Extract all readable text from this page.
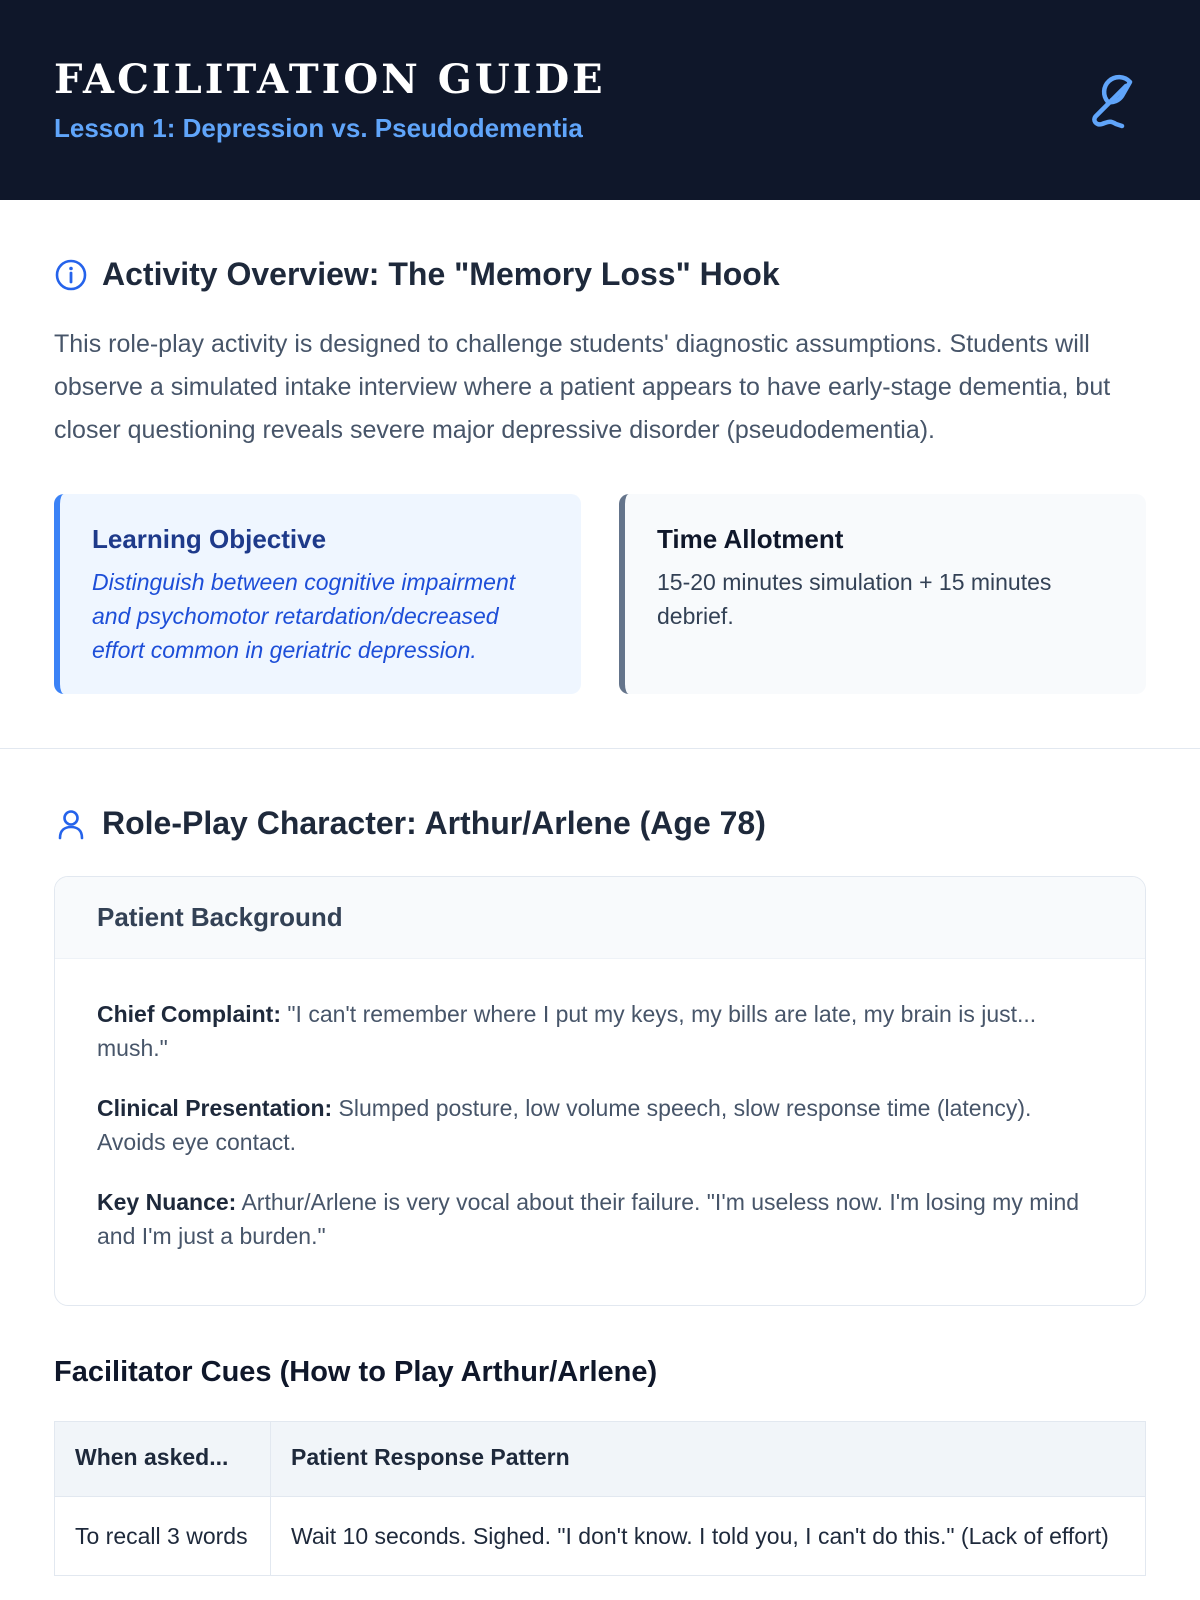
FACILITATION GUIDE
Lesson 1: Depression vs. Pseudodementia
Activity Overview: The "Memory Loss" Hook

This role-play activity is designed to challenge students' diagnostic assumptions. Students will observe a simulated intake interview where a patient appears to have early-stage dementia, but closer questioning reveals severe major depressive disorder (pseudodementia).

Learning Objective
Distinguish between cognitive impairment and psychomotor retardation/decreased effort common in geriatric depression.
Time Allotment
15-20 minutes simulation + 15 minutes debrief.
Role-Play Character: Arthur/Arlene (Age 78)
Patient Background
Chief Complaint: "I can't remember where I put my keys, my bills are late, my brain is just... mush."
Clinical Presentation: Slumped posture, low volume speech, slow response time (latency). Avoids eye contact.
Key Nuance: Arthur/Arlene is very vocal about their failure. "I'm useless now. I'm losing my mind and I'm just a burden."
Facilitator Cues (How to Play Arthur/Arlene)
When asked...	Patient Response Pattern
To recall 3 words	Wait 10 seconds. Sighed. "I don't know. I told you, I can't do this." (Lack of effort)
